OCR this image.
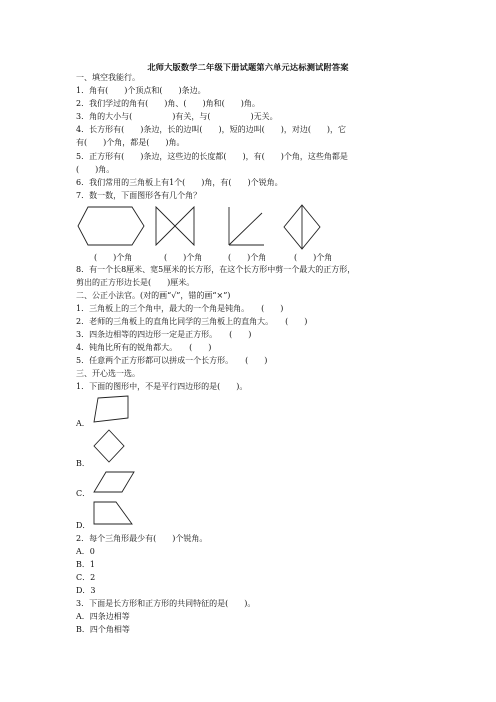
北师大版数学二年级下册试题第六单元达标测试附答案
一、填空我能行。
1．角有(　　)个顶点和(　　)条边。
2．我们学过的角有(　　)角、(　　)角和(　　)角。
3．角的大小与(　　　　　)有关，与(　　　　　)无关。
4．长方形有(　　)条边，长的边叫(　　)，短的边叫(　　)，对边(　　)，它
有(　　)个角，都是(　　)角。
5．正方形有(　　)条边，这些边的长度都(　　)，有(　　)个角，这些角都是
(　　)角。
6．我们常用的三角板上有1个(　　)角，有(　　)个锐角。
7．数一数，下面图形各有几个角？
(　　)个角	(　　)个角	(　　)个角	(　　)个角
8．有一个长8厘米、宽5厘米的长方形，在这个长方形中剪一个最大的正方形，
剪出的正方形边长是(　　)厘米。
二、公正小法官。(对的画“√”，错的画“×”)
1．三角板上的三个角中，最大的一个角是钝角。　　(　　)
2．老师的三角板上的直角比同学的三角板上的直角大。　　(　　)
3．四条边相等的四边形一定是正方形。　　(　　)
4．钝角比所有的锐角都大。　　(　　)
5．任意两个正方形都可以拼成一个长方形。　　(　　)
三、开心选一选。
1．下面的图形中，不是平行四边形的是(　　)。
A．
B．
C．
D．
2．每个三角形最少有(　　)个锐角。
A．0
B．1
C．2
D．3
3．下面是长方形和正方形的共同特征的是(　　)。
A．四条边相等
B．四个角相等
